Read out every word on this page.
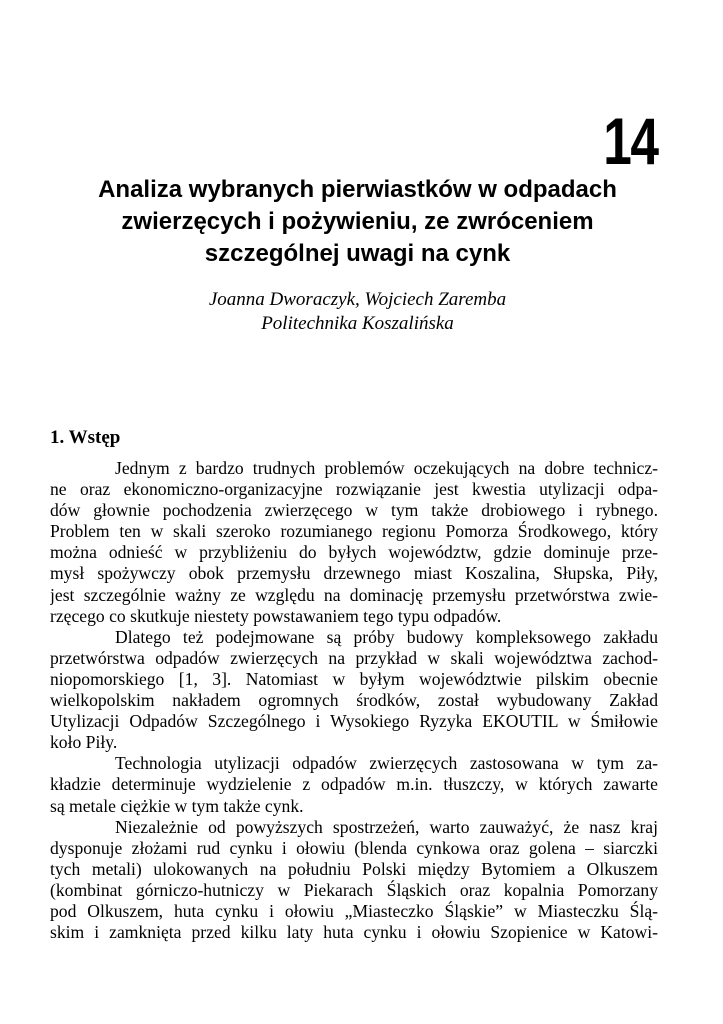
14
Analiza wybranych pierwiastków w odpadach
zwierzęcych i pożywieniu, ze zwróceniem
szczególnej uwagi na cynk
Joanna Dworaczyk, Wojciech Zaremba
Politechnika Koszalińska
1. Wstęp
Jednym z bardzo trudnych problemów oczekujących na dobre technicz-
ne oraz ekonomiczno-organizacyjne rozwiązanie jest kwestia utylizacji odpa-
dów głownie pochodzenia zwierzęcego w tym także drobiowego i rybnego.
Problem ten w skali szeroko rozumianego regionu Pomorza Środkowego, który
można odnieść w przybliżeniu do byłych województw, gdzie dominuje prze-
mysł spożywczy obok przemysłu drzewnego miast Koszalina, Słupska, Piły,
jest szczególnie ważny ze względu na dominację przemysłu przetwórstwa zwie-
rzęcego co skutkuje niestety powstawaniem tego typu odpadów.
Dlatego też podejmowane są próby budowy kompleksowego zakładu
przetwórstwa odpadów zwierzęcych na przykład w skali województwa zachod-
niopomorskiego [1, 3]. Natomiast w byłym województwie pilskim obecnie
wielkopolskim nakładem ogromnych środków, został wybudowany Zakład
Utylizacji Odpadów Szczególnego i Wysokiego Ryzyka EKOUTIL w Śmiłowie
koło Piły.
Technologia utylizacji odpadów zwierzęcych zastosowana w tym za-
kładzie determinuje wydzielenie z odpadów m.in. tłuszczy, w których zawarte
są metale ciężkie w tym także cynk.
Niezależnie od powyższych spostrzeżeń, warto zauważyć, że nasz kraj
dysponuje złożami rud cynku i ołowiu (blenda cynkowa oraz golena – siarczki
tych metali) ulokowanych na południu Polski między Bytomiem a Olkuszem
(kombinat górniczo-hutniczy w Piekarach Śląskich oraz kopalnia Pomorzany
pod Olkuszem, huta cynku i ołowiu „Miasteczko Śląskie” w Miasteczku Ślą-
skim i zamknięta przed kilku laty huta cynku i ołowiu Szopienice w Katowi-
